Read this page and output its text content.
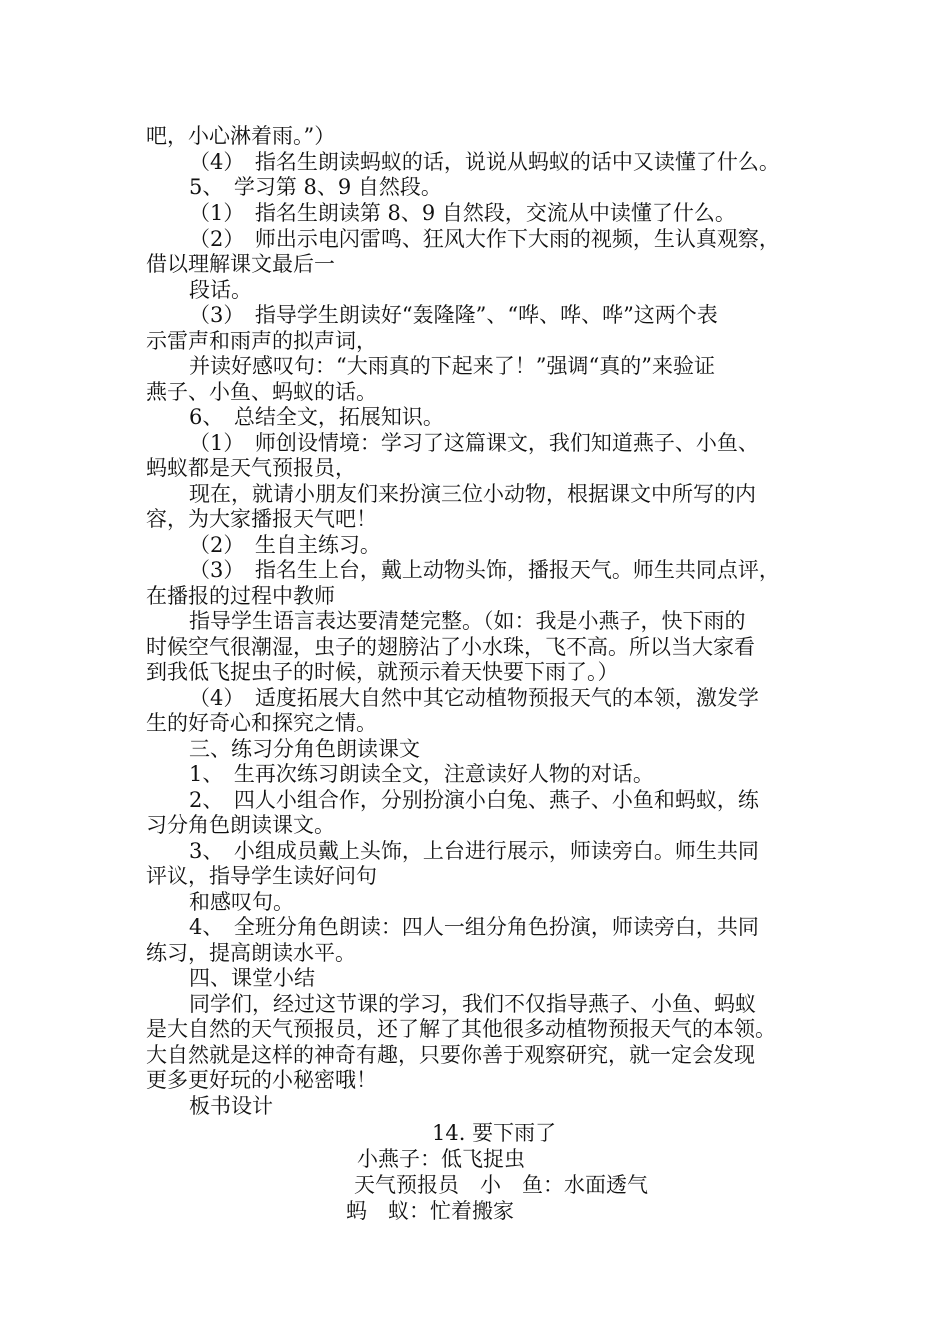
吧，小心淋着雨。”）
（4）　指名生朗读蚂蚁的话，说说从蚂蚁的话中又读懂了什么。
5、　学习第 8、9 自然段。
（1）　指名生朗读第 8、9 自然段，交流从中读懂了什么。
（2）　师出示电闪雷鸣、狂风大作下大雨的视频，生认真观察，
借以理解课文最后一
段话。
（3）　指导学生朗读好“轰隆隆”、“哗、哗、哗”这两个表
示雷声和雨声的拟声词，
并读好感叹句：“大雨真的下起来了！”强调“真的”来验证
燕子、小鱼、蚂蚁的话。
6、　总结全文，拓展知识。
（1）　师创设情境：学习了这篇课文，我们知道燕子、小鱼、
蚂蚁都是天气预报员，
现在，就请小朋友们来扮演三位小动物，根据课文中所写的内
容，为大家播报天气吧！
（2）　生自主练习。
（3）　指名生上台，戴上动物头饰，播报天气。师生共同点评，
在播报的过程中教师
指导学生语言表达要清楚完整。（如：我是小燕子，快下雨的
时候空气很潮湿，虫子的翅膀沾了小水珠，飞不高。所以当大家看
到我低飞捉虫子的时候，就预示着天快要下雨了。）
（4）　适度拓展大自然中其它动植物预报天气的本领，激发学
生的好奇心和探究之情。
三、练习分角色朗读课文
1、　生再次练习朗读全文，注意读好人物的对话。
2、　四人小组合作，分别扮演小白兔、燕子、小鱼和蚂蚁，练
习分角色朗读课文。
3、　小组成员戴上头饰，上台进行展示，师读旁白。师生共同
评议，指导学生读好问句
和感叹句。
4、　全班分角色朗读：四人一组分角色扮演，师读旁白，共同
练习，提高朗读水平。
四、课堂小结
同学们，经过这节课的学习，我们不仅指导燕子、小鱼、蚂蚁
是大自然的天气预报员，还了解了其他很多动植物预报天气的本领。
大自然就是这样的神奇有趣，只要你善于观察研究，就一定会发现
更多更好玩的小秘密哦！
板书设计
14. 要下雨了
小燕子：低飞捉虫
天气预报员　小　鱼：水面透气
蚂　蚁：忙着搬家
